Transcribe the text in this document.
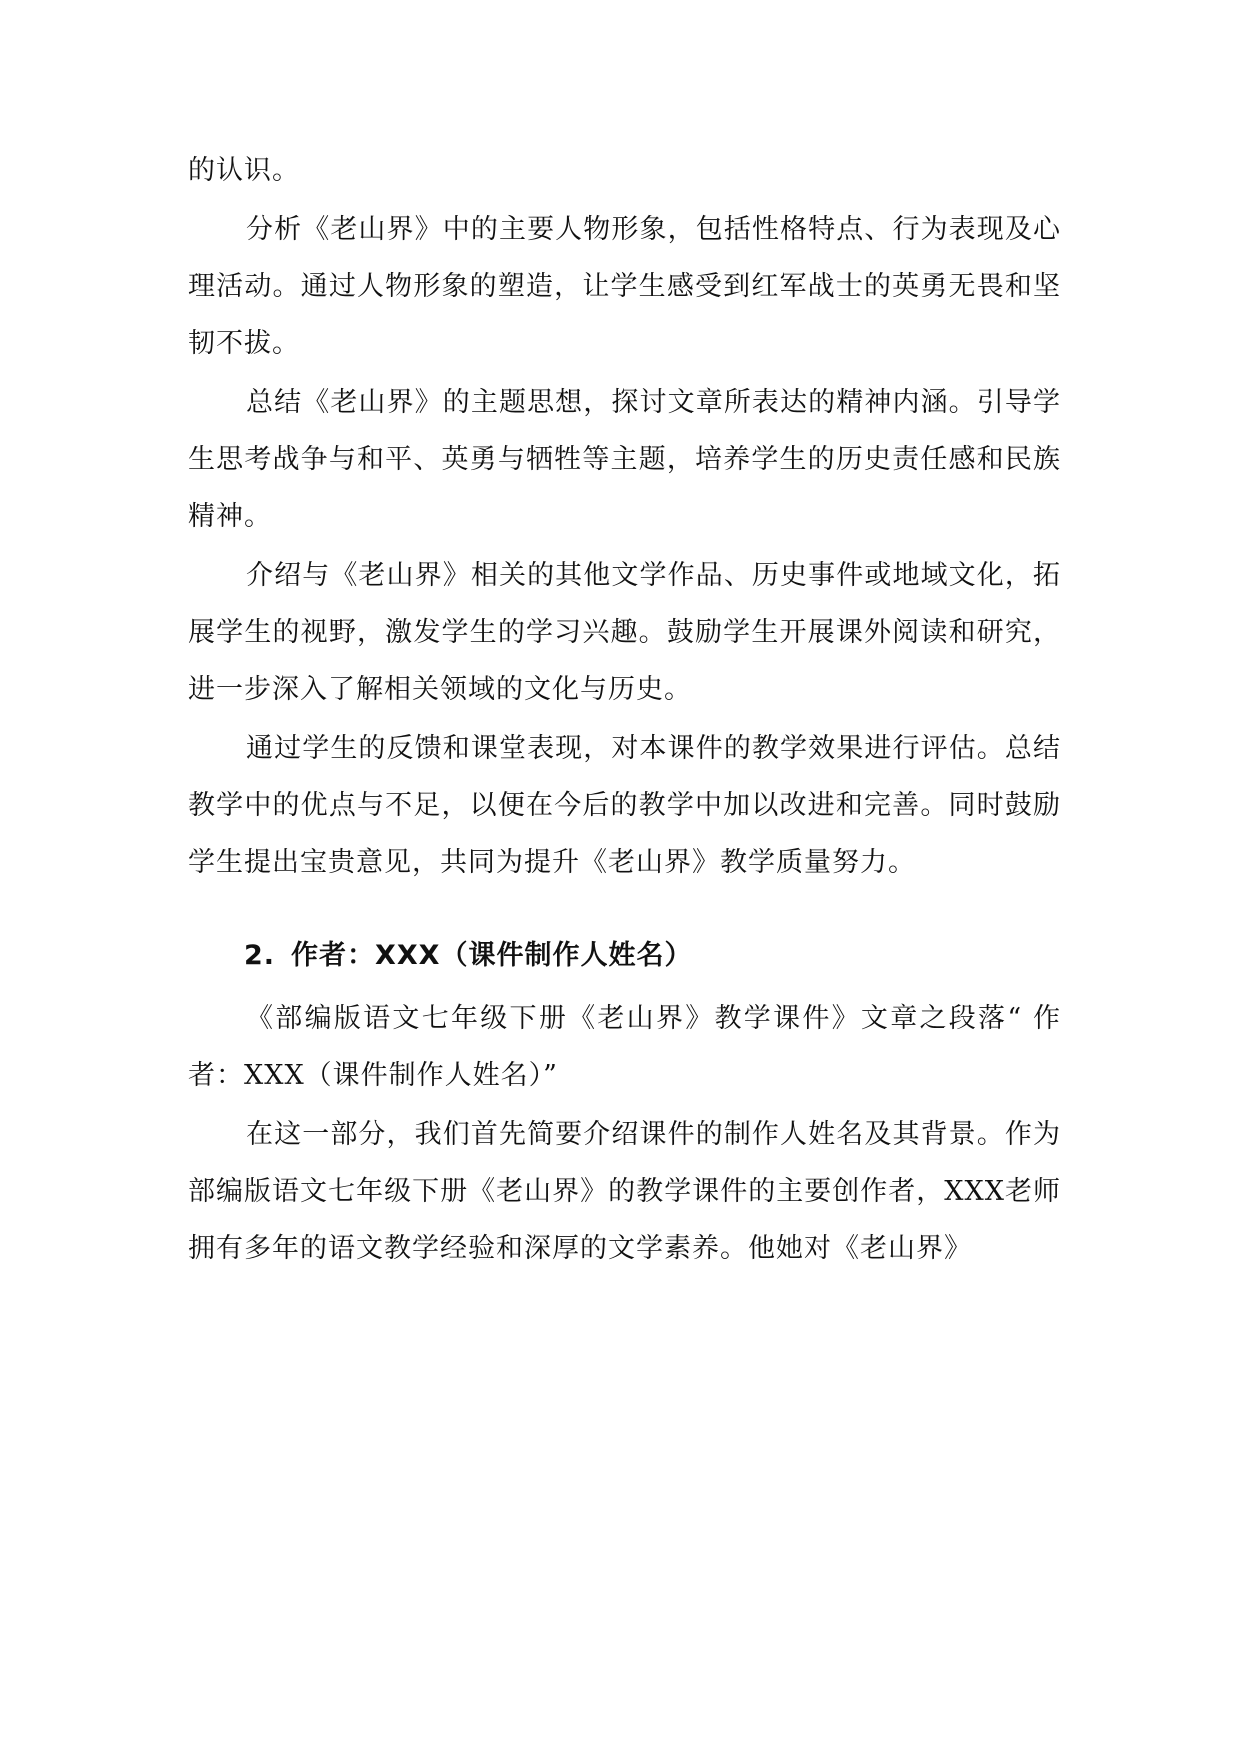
的认识。

分析《老山界》中的主要人物形象，包括性格特点、行为表现及心理活动。通过人物形象的塑造，让学生感受到红军战士的英勇无畏和坚韧不拔。

总结《老山界》的主题思想，探讨文章所表达的精神内涵。引导学生思考战争与和平、英勇与牺牲等主题，培养学生的历史责任感和民族精神。

介绍与《老山界》相关的其他文学作品、历史事件或地域文化，拓展学生的视野，激发学生的学习兴趣。鼓励学生开展课外阅读和研究，进一步深入了解相关领域的文化与历史。

通过学生的反馈和课堂表现，对本课件的教学效果进行评估。总结教学中的优点与不足，以便在今后的教学中加以改进和完善。同时鼓励学生提出宝贵意见，共同为提升《老山界》教学质量努力。

2. 作者：XXX（课件制作人姓名）

《部编版语文七年级下册《老山界》教学课件》文章之段落“ 作者：XXX（课件制作人姓名）”

在这一部分，我们首先简要介绍课件的制作人姓名及其背景。作为部编版语文七年级下册《老山界》的教学课件的主要创作者，XXX老师拥有多年的语文教学经验和深厚的文学素养。他她对《老山界》
